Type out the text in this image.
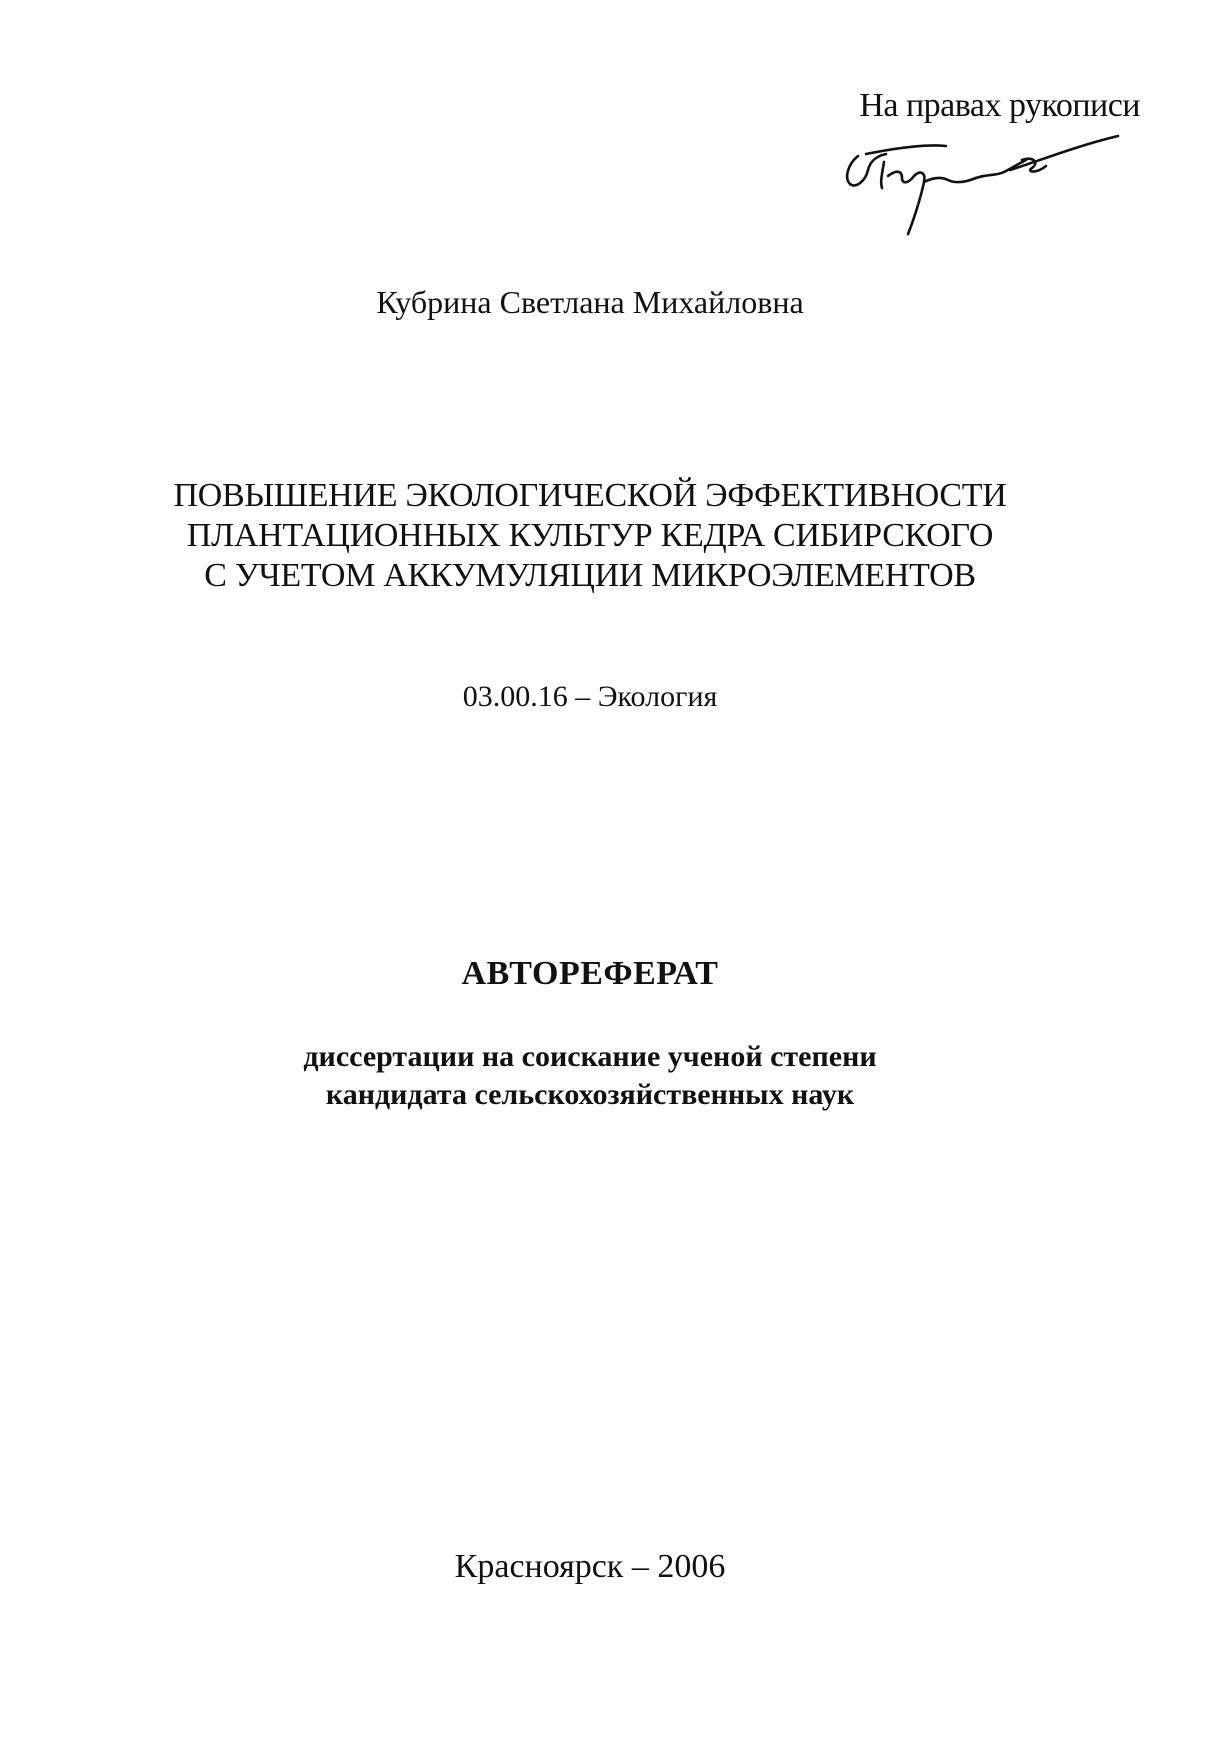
На правах рукописи
Кубрина Светлана Михайловна
ПОВЫШЕНИЕ ЭКОЛОГИЧЕСКОЙ ЭФФЕКТИВНОСТИ
ПЛАНТАЦИОННЫХ КУЛЬТУР КЕДРА СИБИРСКОГО
С УЧЕТОМ АККУМУЛЯЦИИ МИКРОЭЛЕМЕНТОВ
03.00.16 – Экология
АВТОРЕФЕРАТ
диссертации на соискание ученой степени
кандидата сельскохозяйственных наук
Красноярск – 2006
